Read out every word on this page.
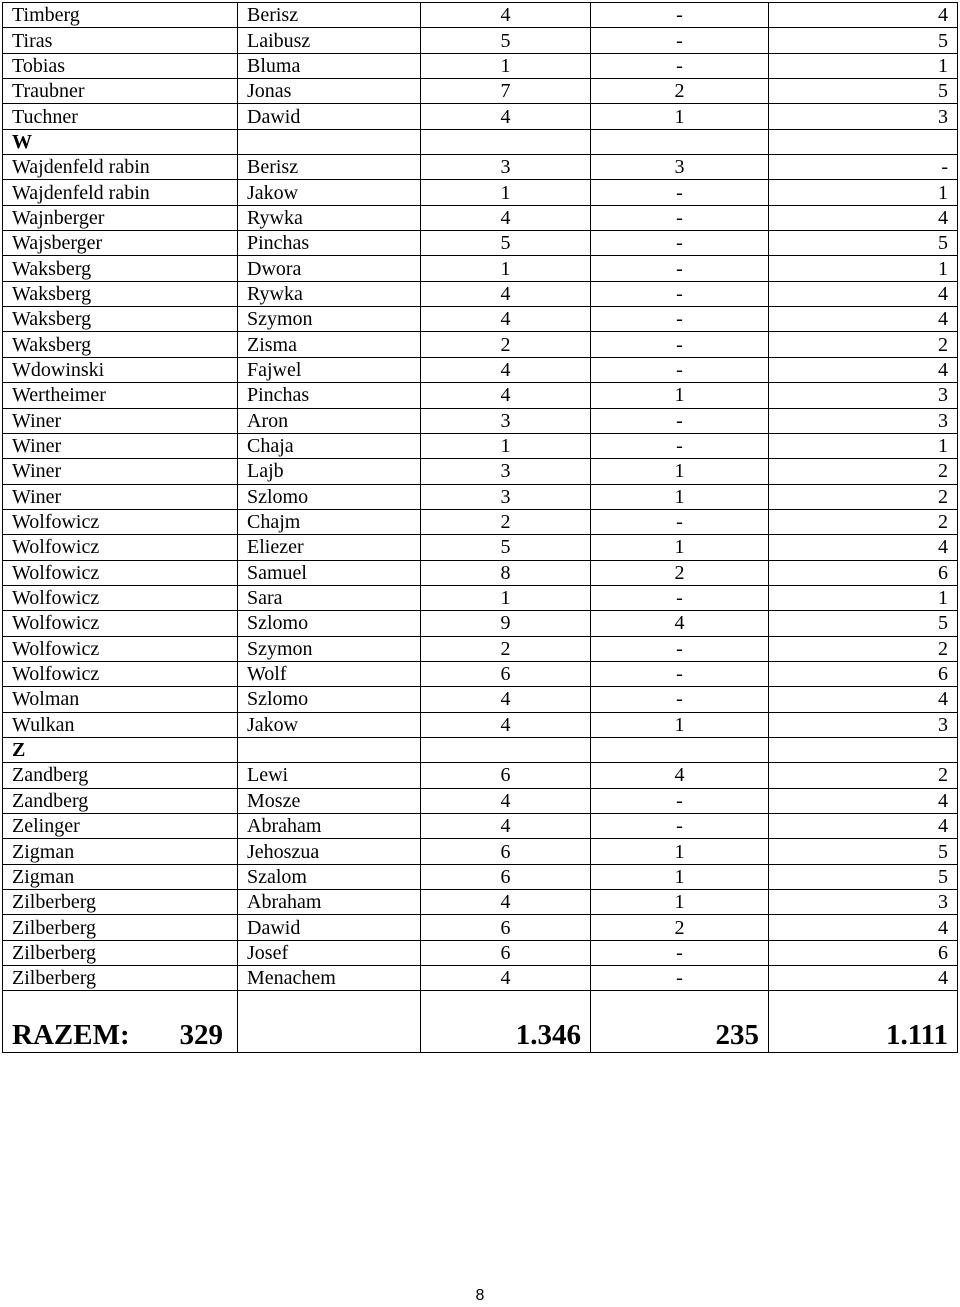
Timberg	Berisz	4	-	4
Tiras	Laibusz	5	-	5
Tobias	Bluma	1	-	1
Traubner	Jonas	7	2	5
Tuchner	Dawid	4	1	3
W				
Wajdenfeld rabin	Berisz	3	3	-
Wajdenfeld rabin	Jakow	1	-	1
Wajnberger	Rywka	4	-	4
Wajsberger	Pinchas	5	-	5
Waksberg	Dwora	1	-	1
Waksberg	Rywka	4	-	4
Waksberg	Szymon	4	-	4
Waksberg	Zisma	2	-	2
Wdowinski	Fajwel	4	-	4
Wertheimer	Pinchas	4	1	3
Winer	Aron	3	-	3
Winer	Chaja	1	-	1
Winer	Lajb	3	1	2
Winer	Szlomo	3	1	2
Wolfowicz	Chajm	2	-	2
Wolfowicz	Eliezer	5	1	4
Wolfowicz	Samuel	8	2	6
Wolfowicz	Sara	1	-	1
Wolfowicz	Szlomo	9	4	5
Wolfowicz	Szymon	2	-	2
Wolfowicz	Wolf	6	-	6
Wolman	Szlomo	4	-	4
Wulkan	Jakow	4	1	3
Z				
Zandberg	Lewi	6	4	2
Zandberg	Mosze	4	-	4
Zelinger	Abraham	4	-	4
Zigman	Jehoszua	6	1	5
Zigman	Szalom	6	1	5
Zilberberg	Abraham	4	1	3
Zilberberg	Dawid	6	2	4
Zilberberg	Josef	6	-	6
Zilberberg	Menachem	4	-	4

RAZEM: 329		1.346	235	1.111
8
